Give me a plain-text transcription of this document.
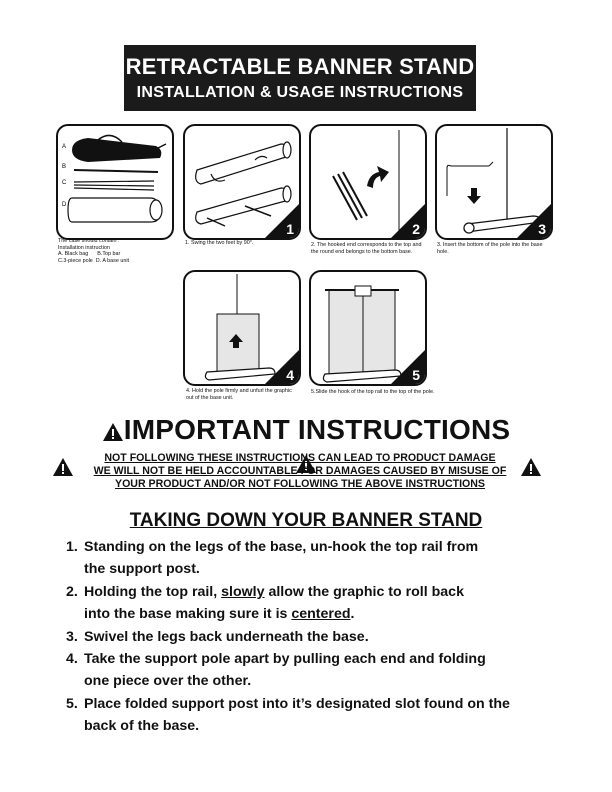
RETRACTABLE BANNER STAND
INSTALLATION & USAGE INSTRUCTIONS
A
B
C
D
The case should contain :
Installation instruction
A. Black bag B.Top bar
C.3-piece pole D. A base unit
1
1. Swing the two feet by 90°.
2
2. The hooked end corresponds to the top and
the round end belongs to the bottom base.
3
3. Insert the bottom of the pole into the base
hole.
4
4. Hold the pole firmly and unfurl the graphic
out of the base unit.
5
5.Slide the hook of the top rail to the top of the pole.
IMPORTANT INSTRUCTIONS
NOT FOLLOWING THESE INSTRUCTIONS CAN LEAD TO PRODUCT DAMAGE
WE WILL NOT BE HELD ACCOUNTABLE FOR DAMAGES CAUSED BY MISUSE OF
YOUR PRODUCT AND/OR NOT FOLLOWING THE ABOVE INSTRUCTIONS
TAKING DOWN YOUR BANNER STAND
1. Standing on the legs of the base, un-hook the top rail from
the support post.
2. Holding the top rail, slowly allow the graphic to roll back
into the base making sure it is centered.
3. Swivel the legs back underneath the base.
4. Take the support pole apart by pulling each end and folding
one piece over the other.
5. Place folded support post into it’s designated slot found on the
back of the base.
